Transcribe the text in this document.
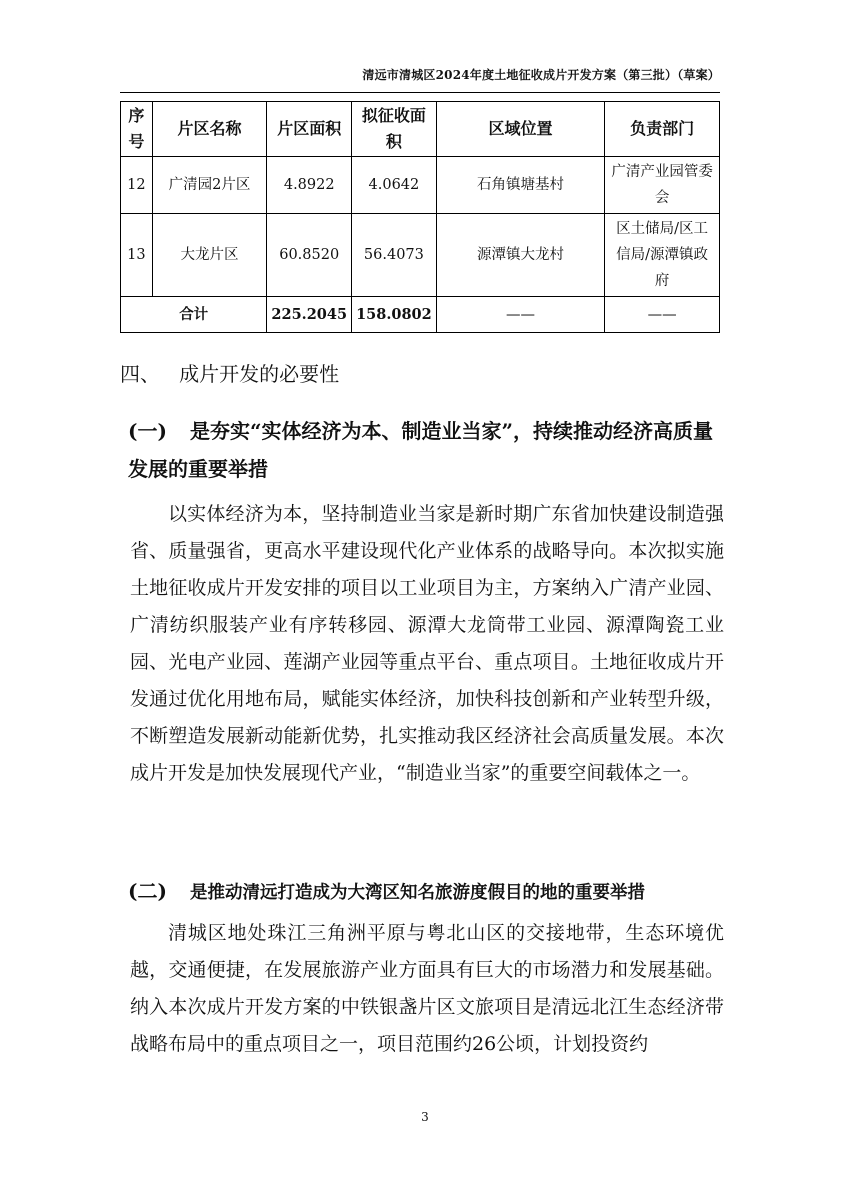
清远市清城区2024年度土地征收成片开发方案（第三批）（草案）
序号	片区名称	片区面积	拟征收面积	区域位置	负责部门
12	广清园2片区	4.8922	4.0642	石角镇塘基村	广清产业园管委会
13	大龙片区	60.8520	56.4073	源潭镇大龙村	区土储局/区工信局/源潭镇政府
合计		225.2045	158.0802	——	——
四、   成片开发的必要性
(一) 是夯实“实体经济为本、制造业当家”，持续推动经济高质量发展的重要举措

以实体经济为本，坚持制造业当家是新时期广东省加快建设制造强省、质量强省，更高水平建设现代化产业体系的战略导向。本次拟实施土地征收成片开发安排的项目以工业项目为主，方案纳入广清产业园、广清纺织服装产业有序转移园、源潭大龙筒带工业园、源潭陶瓷工业园、光电产业园、莲湖产业园等重点平台、重点项目。土地征收成片开发通过优化用地布局，赋能实体经济，加快科技创新和产业转型升级，不断塑造发展新动能新优势，扎实推动我区经济社会高质量发展。本次成片开发是加快发展现代产业，“制造业当家”的重要空间载体之一。

(二) 是推动清远打造成为大湾区知名旅游度假目的地的重要举措

清城区地处珠江三角洲平原与粤北山区的交接地带，生态环境优越，交通便捷，在发展旅游产业方面具有巨大的市场潜力和发展基础。纳入本次成片开发方案的中铁银盏片区文旅项目是清远北江生态经济带战略布局中的重点项目之一，项目范围约26公顷，计划投资约

3
